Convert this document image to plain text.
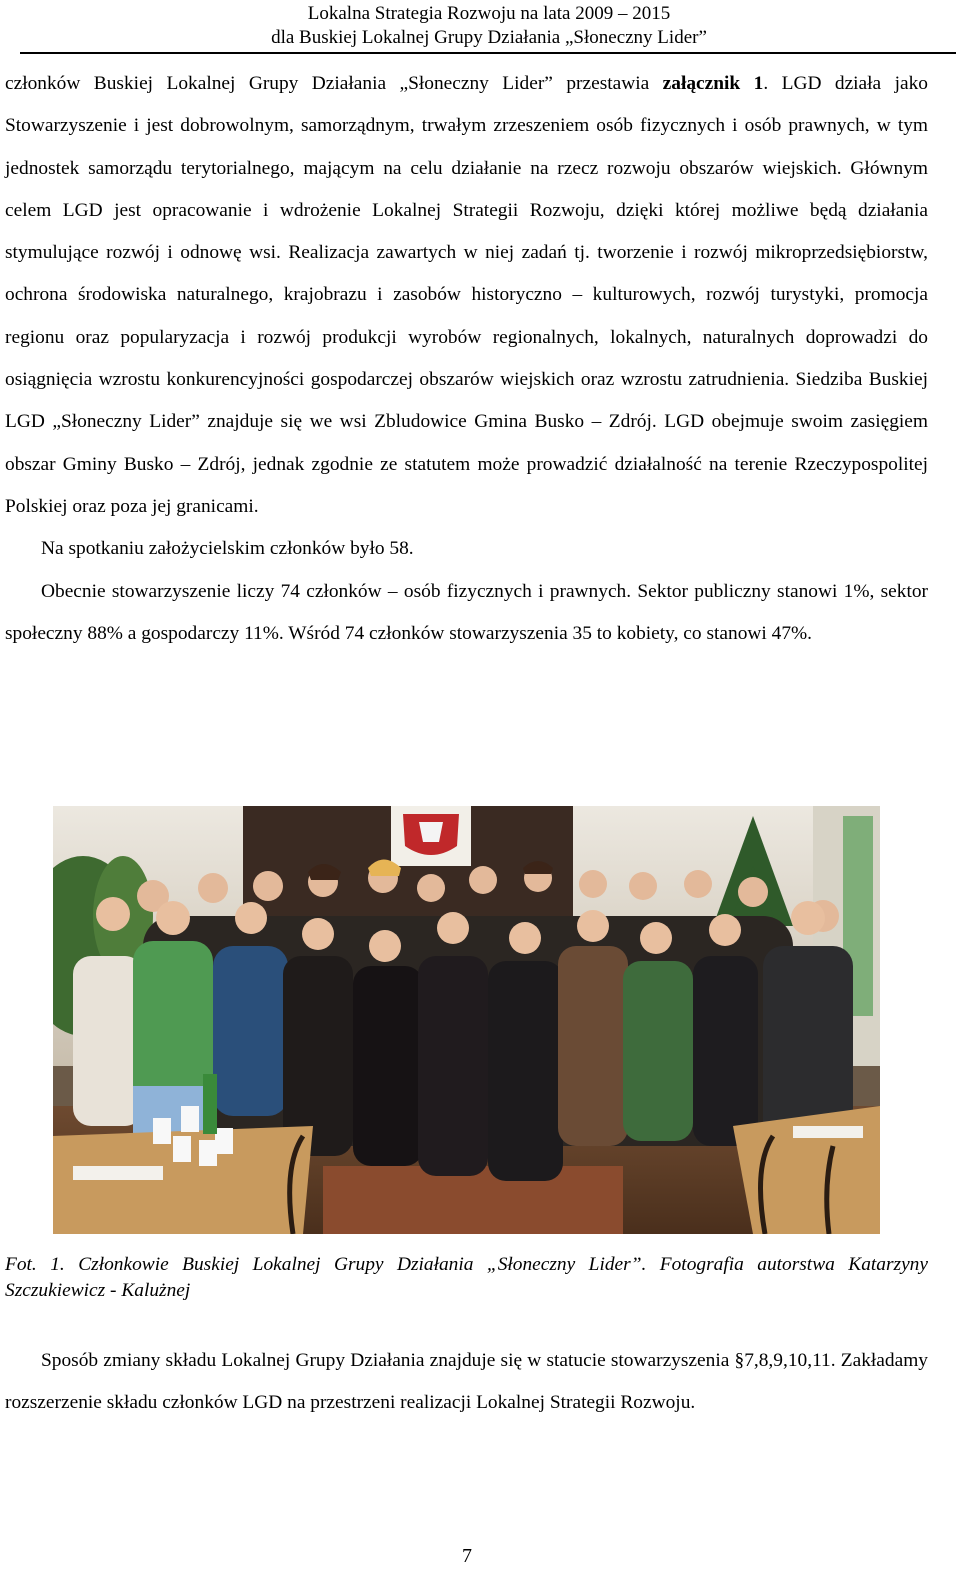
Lokalna Strategia Rozwoju na lata 2009 – 2015
dla Buskiej Lokalnej Grupy Działania „Słoneczny Lider”

członków Buskiej Lokalnej Grupy Działania „Słoneczny Lider” przestawia załącznik 1. LGD działa jako Stowarzyszenie i jest dobrowolnym, samorządnym, trwałym zrzeszeniem osób fizycznych i osób prawnych, w tym jednostek samorządu terytorialnego, mającym na celu działanie na rzecz rozwoju obszarów wiejskich. Głównym celem LGD jest opracowanie i wdrożenie Lokalnej Strategii Rozwoju, dzięki której możliwe będą działania stymulujące rozwój i odnowę wsi. Realizacja zawartych w niej zadań tj. tworzenie i rozwój mikroprzedsiębiorstw, ochrona środowiska naturalnego, krajobrazu i zasobów historyczno – kulturowych, rozwój turystyki, promocja regionu oraz popularyzacja i rozwój produkcji wyrobów regionalnych, lokalnych, naturalnych doprowadzi do osiągnięcia wzrostu konkurencyjności gospodarczej obszarów wiejskich oraz wzrostu zatrudnienia. Siedziba Buskiej LGD „Słoneczny Lider” znajduje się we wsi Zbludowice Gmina Busko – Zdrój. LGD obejmuje swoim zasięgiem obszar Gminy Busko – Zdrój, jednak zgodnie ze statutem może prowadzić działalność na terenie Rzeczypospolitej Polskiej oraz poza jej granicami.

Na spotkaniu założycielskim członków było 58.

Obecnie stowarzyszenie liczy 74 członków – osób fizycznych i prawnych. Sektor publiczny stanowi 1%, sektor społeczny 88% a gospodarczy 11%. Wśród 74 członków stowarzyszenia 35 to kobiety, co stanowi 47%.

Fot. 1. Członkowie Buskiej Lokalnej Grupy Działania „Słoneczny Lider”. Fotografia autorstwa Katarzyny Szczukiewicz - Kalużnej

Sposób zmiany składu Lokalnej Grupy Działania znajduje się w statucie stowarzyszenia §7,8,9,10,11. Zakładamy rozszerzenie składu członków LGD na przestrzeni realizacji Lokalnej Strategii Rozwoju.

7
